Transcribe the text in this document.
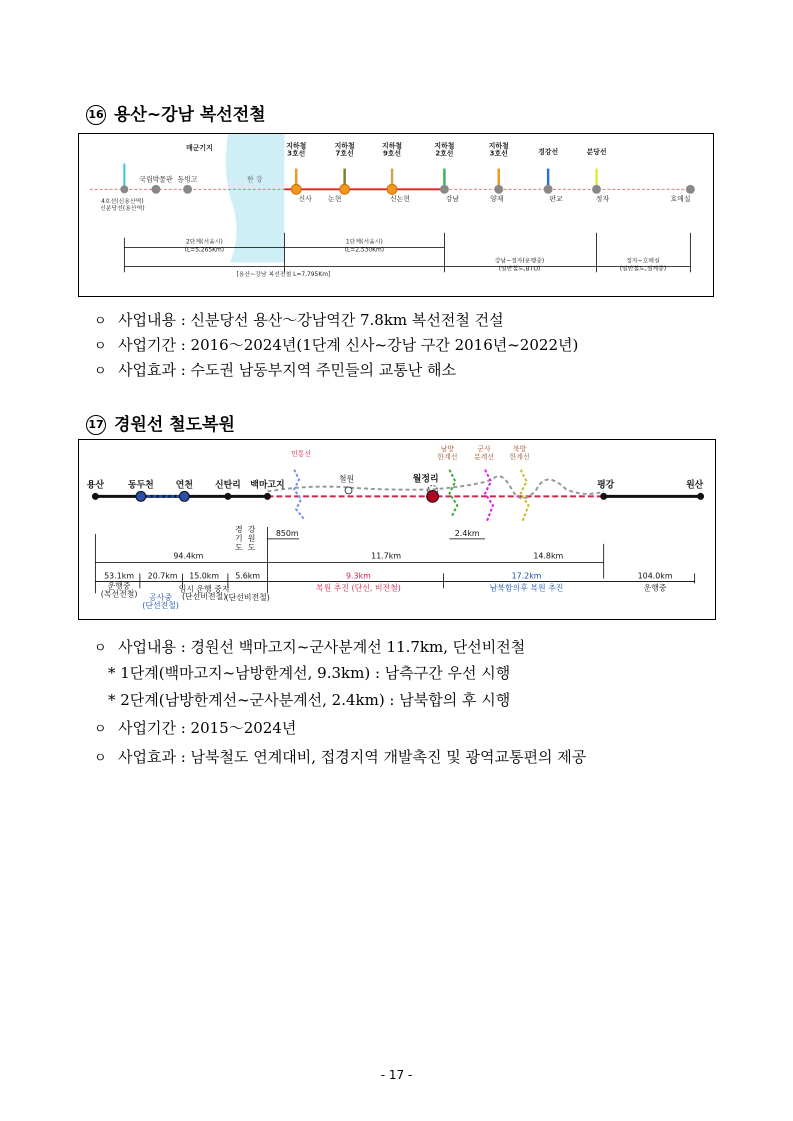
16 용산~강남 복선전철
매군기지
한 강
지하철 3호선
지하철 7호선
지하철 9호선
지하철 2호선
지하철 3호선	경강선	분당선
국립박물관 동빙고
신사 논현	신논현	강남	양재	판교	정자	호매실
4호선(신용산역) 신분당선(용산역)
2단계(서울시) (L=5,265Km)
1단계(서울시) (L=2,530Km)
[용산~강남 복선전철 L=7,795Km]
강남~정자(운행중) (일반철도,BTO)
정자~호매실 (일반철도,설계중)
ㅇ 사업내용 : 신분당선 용산～강남역간 7.8km 복선전철 건설
ㅇ 사업기간 : 2016～2024년(1단계 신사~강남 구간 2016년~2022년)
ㅇ 사업효과 : 수도권 남동부지역 주민들의 교통난 해소
17 경원선 철도복원
용산	동두천 연천 신탄리 백마고지
월정리
평강	원산
철원
민통선
남방 한계선
군사 분계선
북방 한계선
경 기 도
강 원 도
850m	2.4km
94.4km	11.7km	14.8km
53.1km 20.7km 15.0km 5.6km	9.3km	17.2km	104.0km
운행중 (복선전철)	공사중 (단선전철)
임시 운행 중지 (단선비전철) (단선비전철)
복원 추진 (단선, 비전철)	남북합의후 복원 추진	운행중
ㅇ 사업내용 : 경원선 백마고지~군사분계선 11.7km, 단선비전철
* 1단계(백마고지~남방한계선, 9.3km) : 남측구간 우선 시행
* 2단계(남방한계선~군사분계선, 2.4km) : 남북합의 후 시행
ㅇ 사업기간 : 2015～2024년
ㅇ 사업효과 : 남북철도 연계대비, 접경지역 개발촉진 및 광역교통편의 제공
- 17 -
